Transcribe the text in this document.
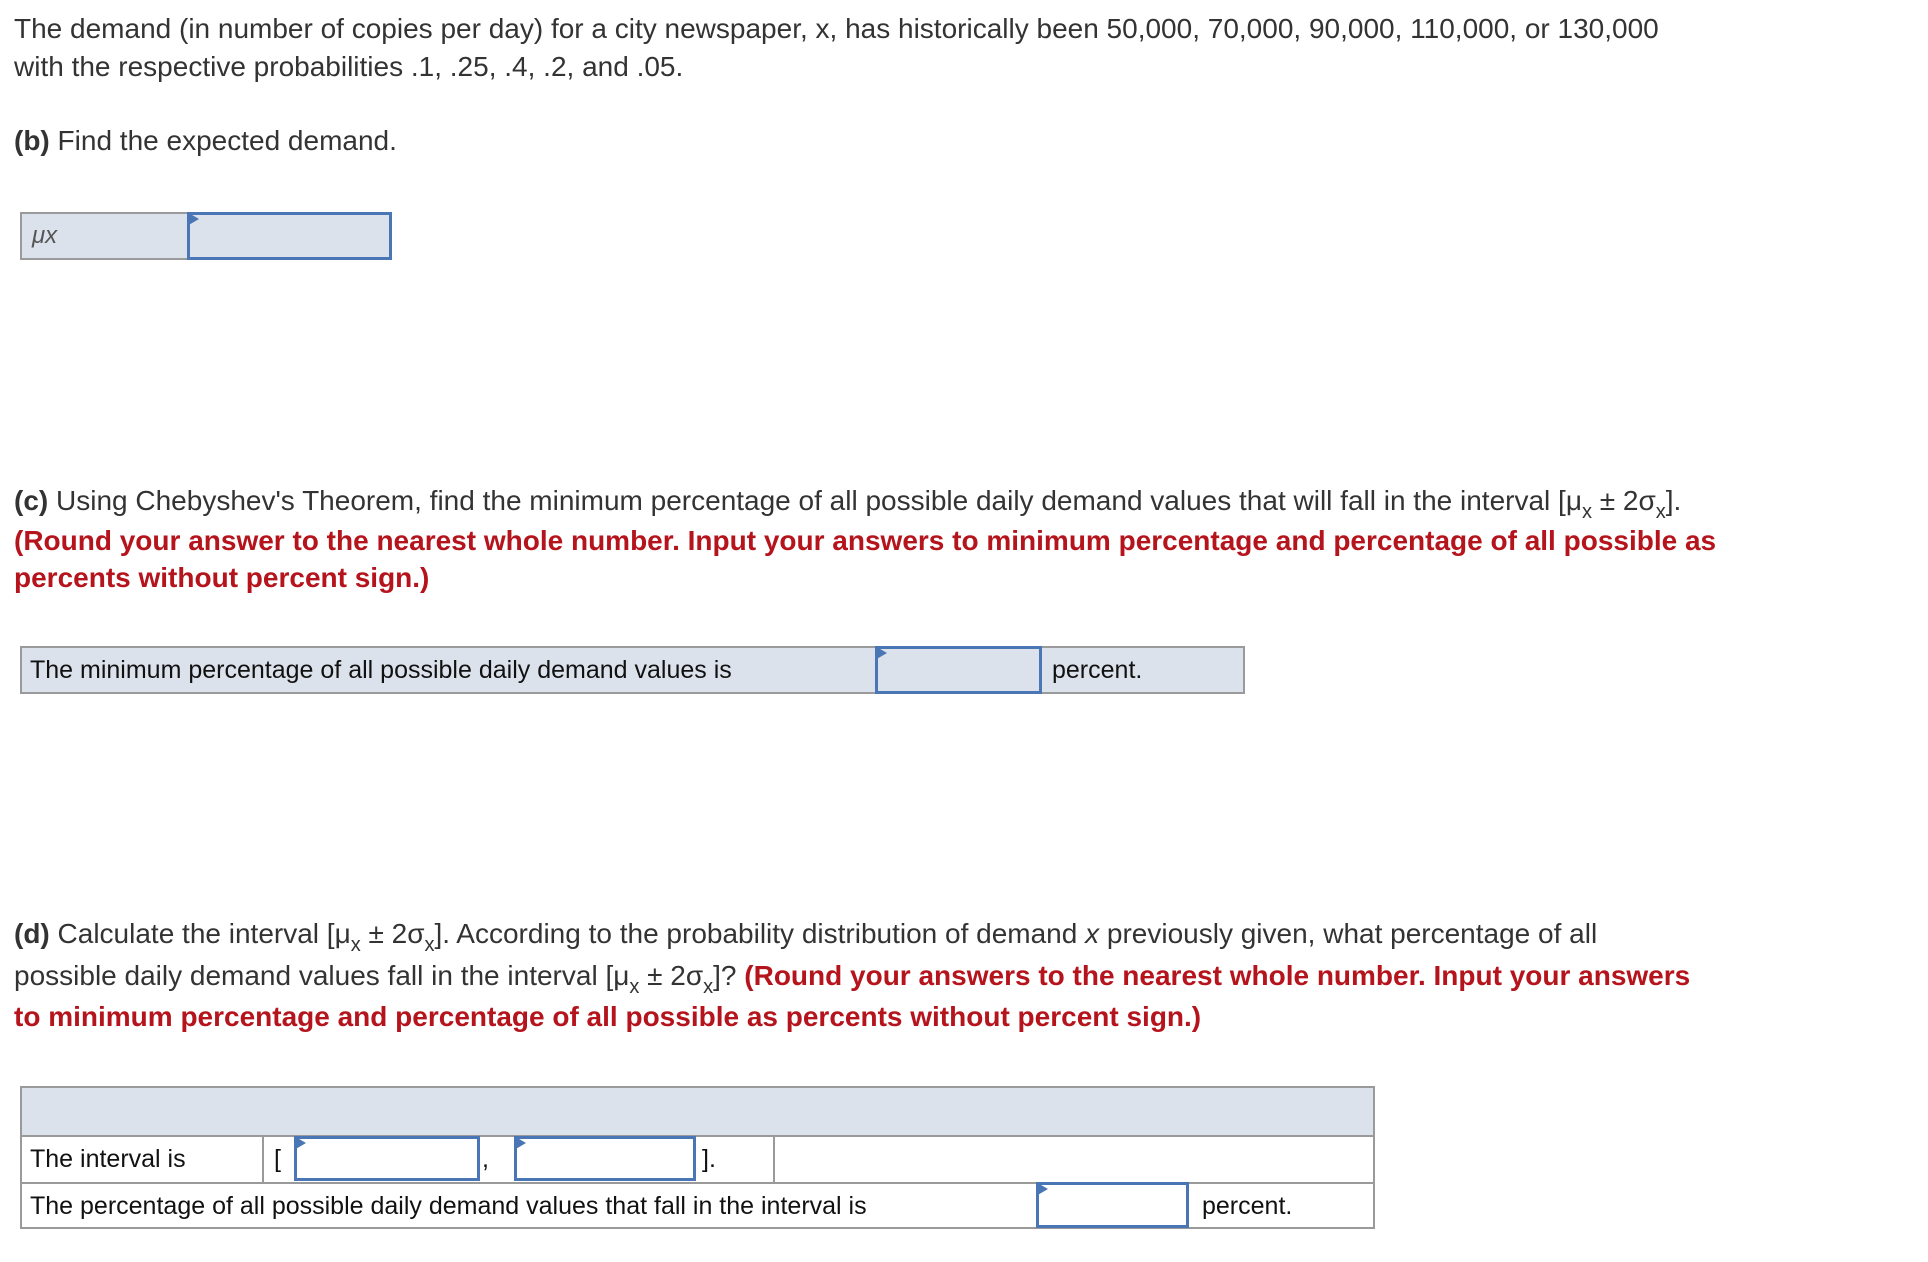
The demand (in number of copies per day) for a city newspaper, x, has historically been 50,000, 70,000, 90,000, 110,000, or 130,000

with the respective probabilities .1, .25, .4, .2, and .05.

(b) Find the expected demand.

μx

(c) Using Chebyshev's Theorem, find the minimum percentage of all possible daily demand values that will fall in the interval $[\mu_x \pm 2\sigma_x]$.

(Round your answer to the nearest whole number. Input your answers to minimum percentage and percentage of all possible as

percents without percent sign.)

The minimum percentage of all possible daily demand values is	percent.

(d) Calculate the interval $[\mu_x \pm 2\sigma_x]$. According to the probability distribution of demand x previously given, what percentage of all

possible daily demand values fall in the interval $[\mu_x \pm 2\sigma_x]$? (Round your answers to the nearest whole number. Input your answers

to minimum percentage and percentage of all possible as percents without percent sign.)

The interval is	[	,	].
The percentage of all possible daily demand values that fall in the interval is	percent.
